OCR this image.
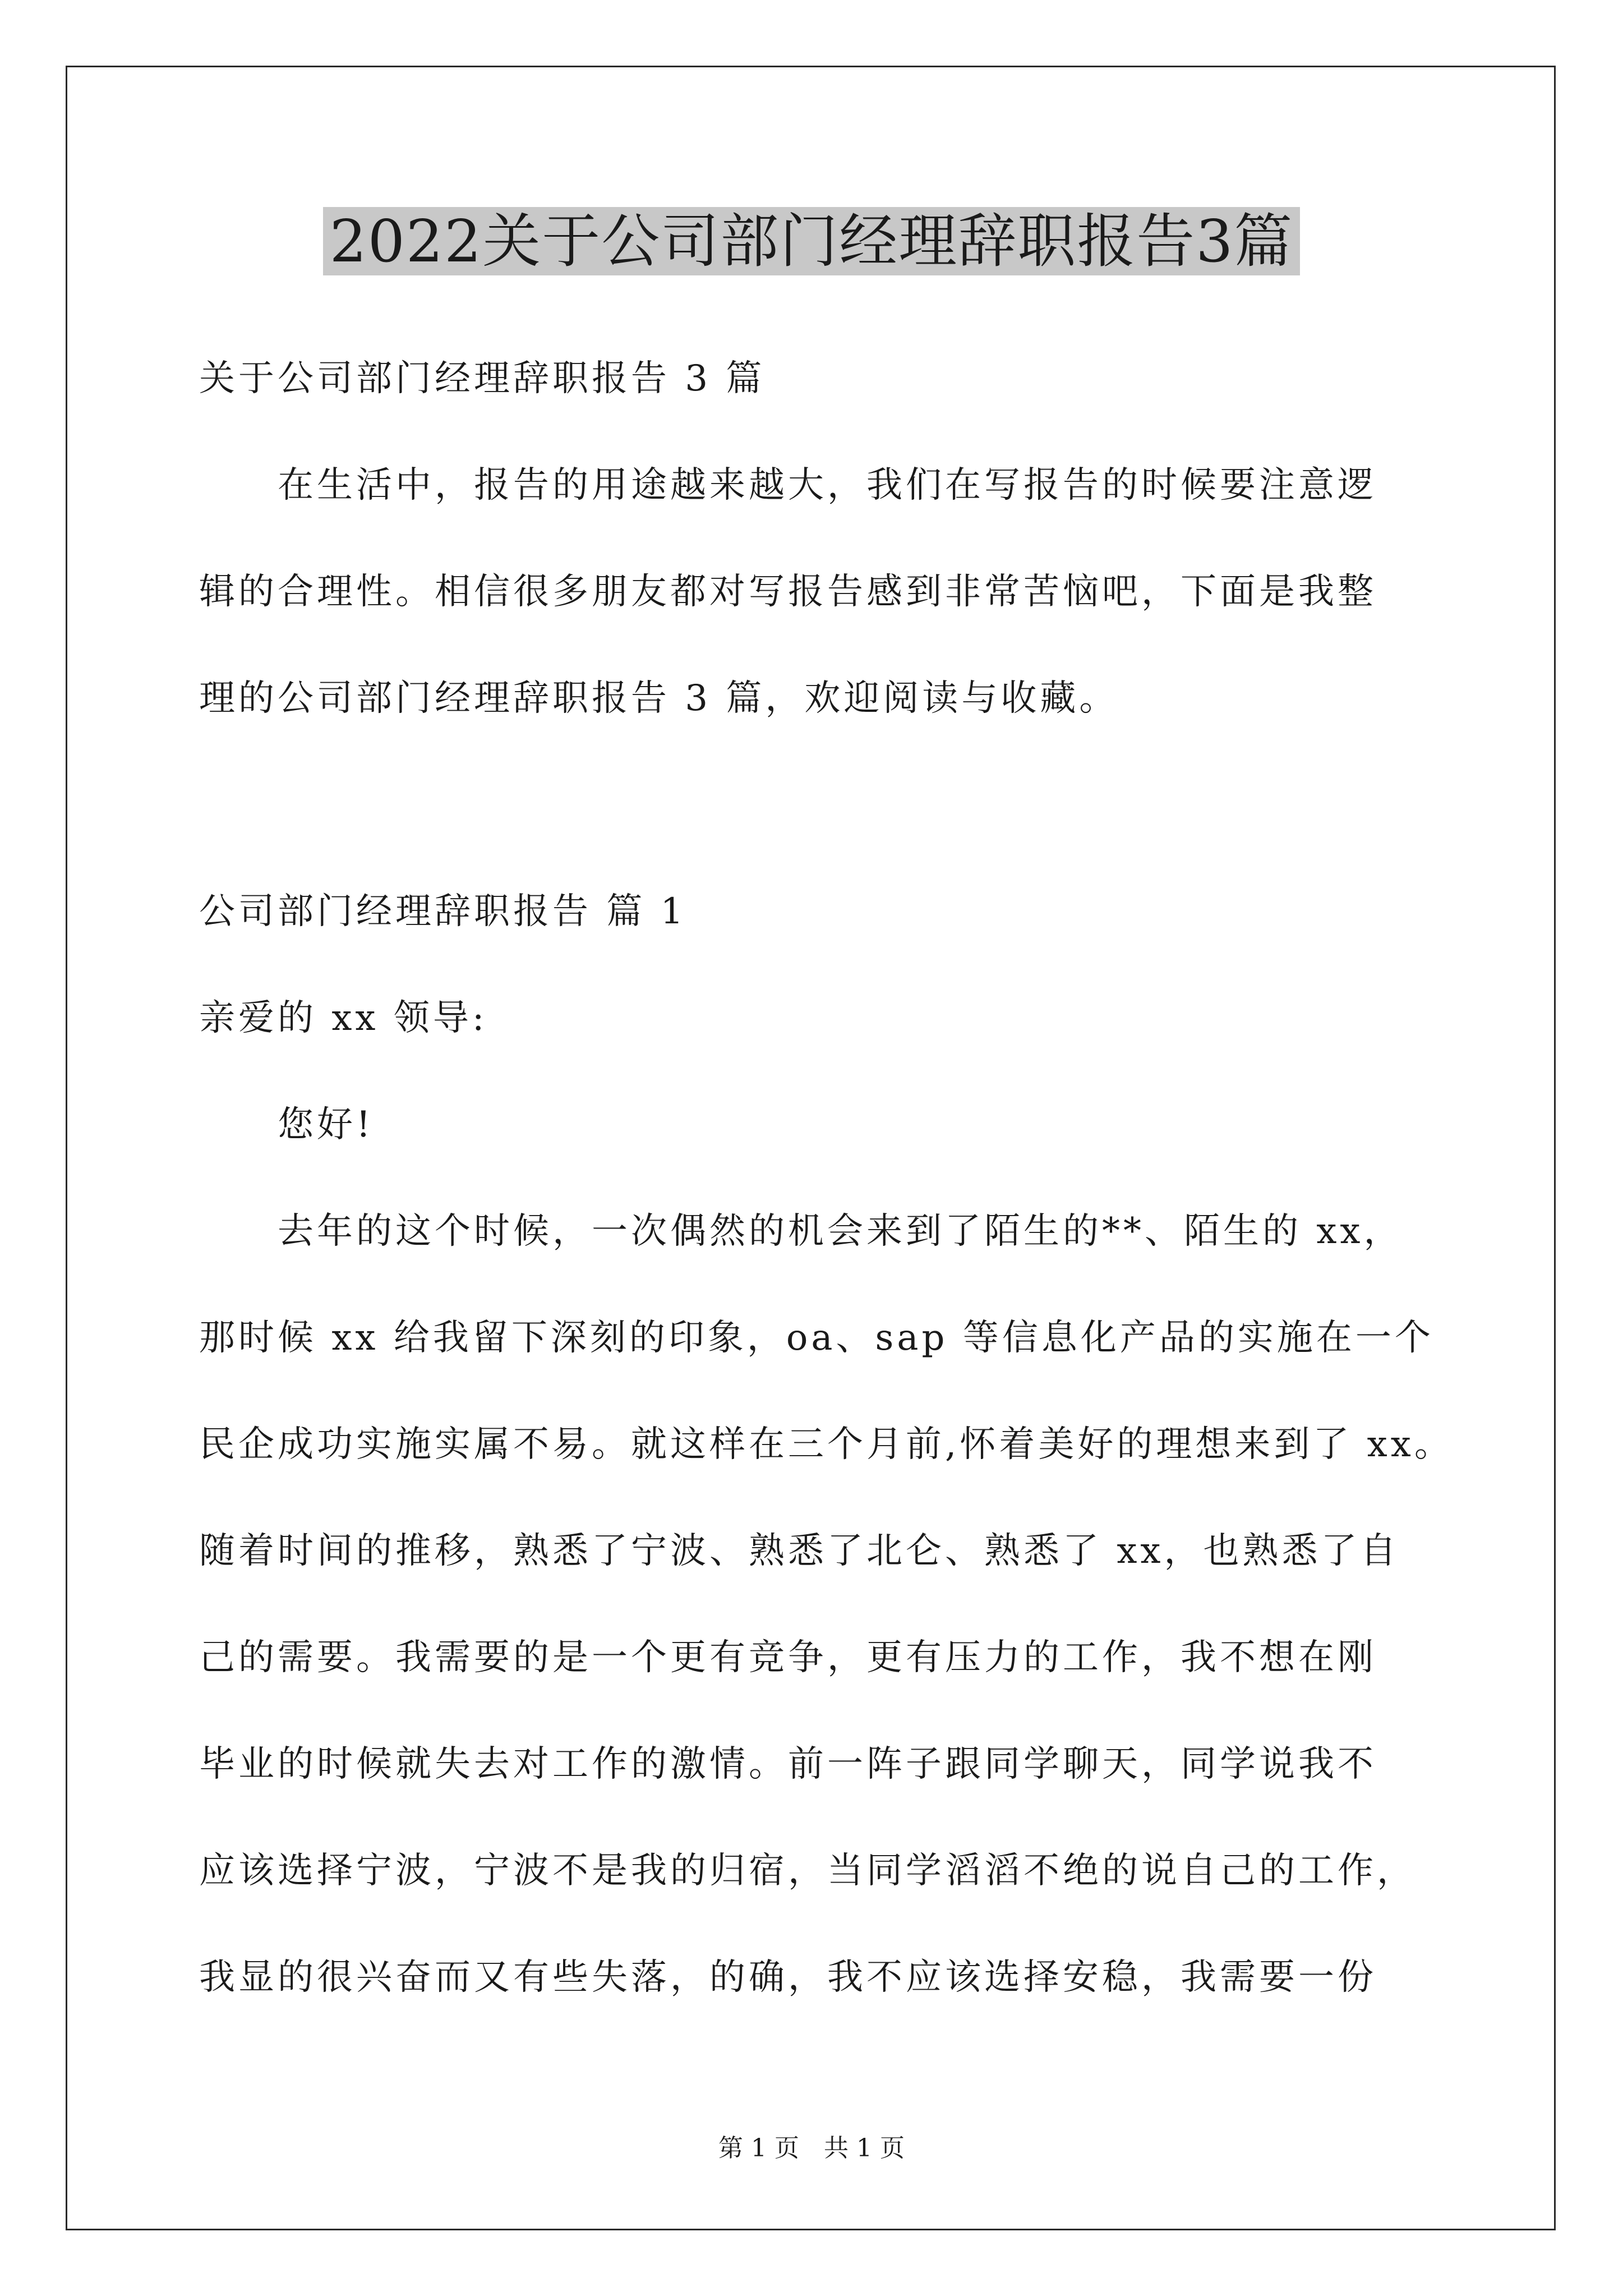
2022关于公司部门经理辞职报告3篇
关于公司部门经理辞职报告 3 篇
　　在生活中，报告的用途越来越大，我们在写报告的时候要注意逻
辑的合理性。相信很多朋友都对写报告感到非常苦恼吧，下面是我整
理的公司部门经理辞职报告 3 篇，欢迎阅读与收藏。
公司部门经理辞职报告 篇 1
亲爱的 xx 领导:
　　您好!
　　去年的这个时候，一次偶然的机会来到了陌生的**、陌生的 xx，
那时候 xx 给我留下深刻的印象，oa、sap 等信息化产品的实施在一个
民企成功实施实属不易。就这样在三个月前,怀着美好的理想来到了 xx。
随着时间的推移，熟悉了宁波、熟悉了北仑、熟悉了 xx，也熟悉了自
己的需要。我需要的是一个更有竞争，更有压力的工作，我不想在刚
毕业的时候就失去对工作的激情。前一阵子跟同学聊天，同学说我不
应该选择宁波，宁波不是我的归宿，当同学滔滔不绝的说自己的工作，
我显的很兴奋而又有些失落，的确，我不应该选择安稳，我需要一份
第 1 页　共 1 页
